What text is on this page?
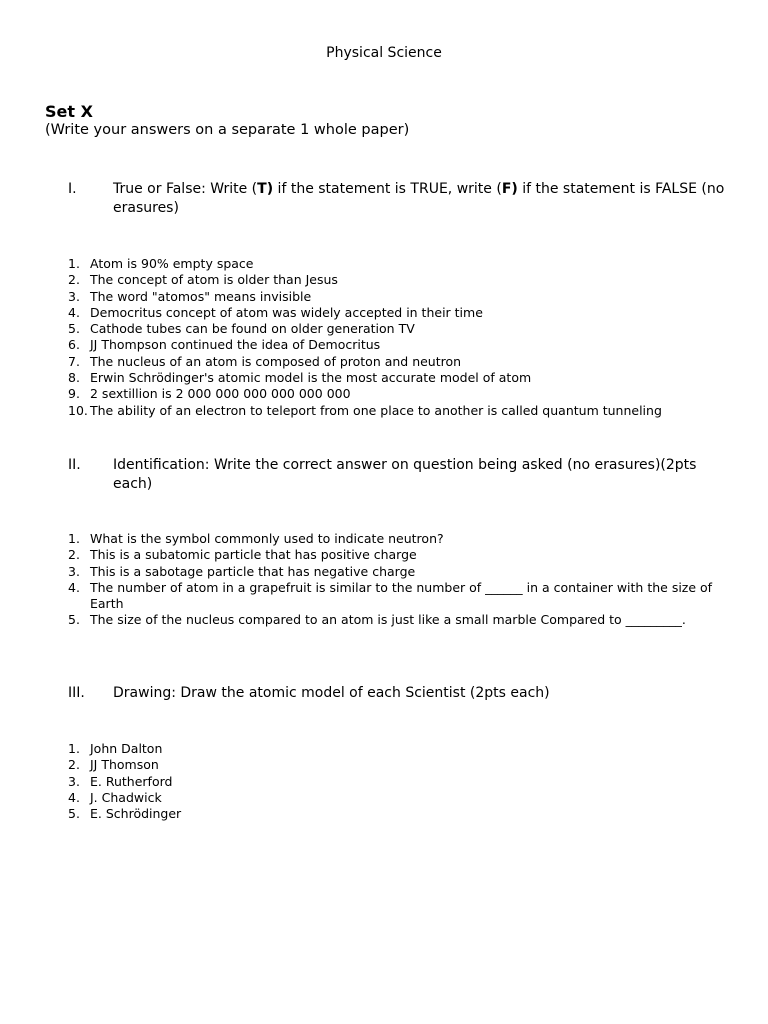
Physical Science
Set X
(Write your answers on a separate 1 whole paper)
I.	True or False: Write (T) if the statement is TRUE, write (F) if the statement is FALSE (no erasures)
1. Atom is 90% empty space
2. The concept of atom is older than Jesus
3. The word "atomos" means invisible
4. Democritus concept of atom was widely accepted in their time
5. Cathode tubes can be found on older generation TV
6. JJ Thompson continued the idea of Democritus
7. The nucleus of an atom is composed of proton and neutron
8. Erwin Schrödinger's atomic model is the most accurate model of atom
9. 2 sextillion is 2 000 000 000 000 000 000
10. The ability of an electron to teleport from one place to another is called quantum tunneling
II. Identification: Write the correct answer on question being asked (no erasures)(2pts each)
1. What is the symbol commonly used to indicate neutron?
2. This is a subatomic particle that has positive charge
3. This is a sabotage particle that has negative charge
4. The number of atom in a grapefruit is similar to the number of ______ in a container with the size of Earth
5. The size of the nucleus compared to an atom is just like a small marble Compared to _________.
III. Drawing: Draw the atomic model of each Scientist (2pts each)
1. John Dalton
2. JJ Thomson
3. E. Rutherford
4. J. Chadwick
5. E. Schrödinger
